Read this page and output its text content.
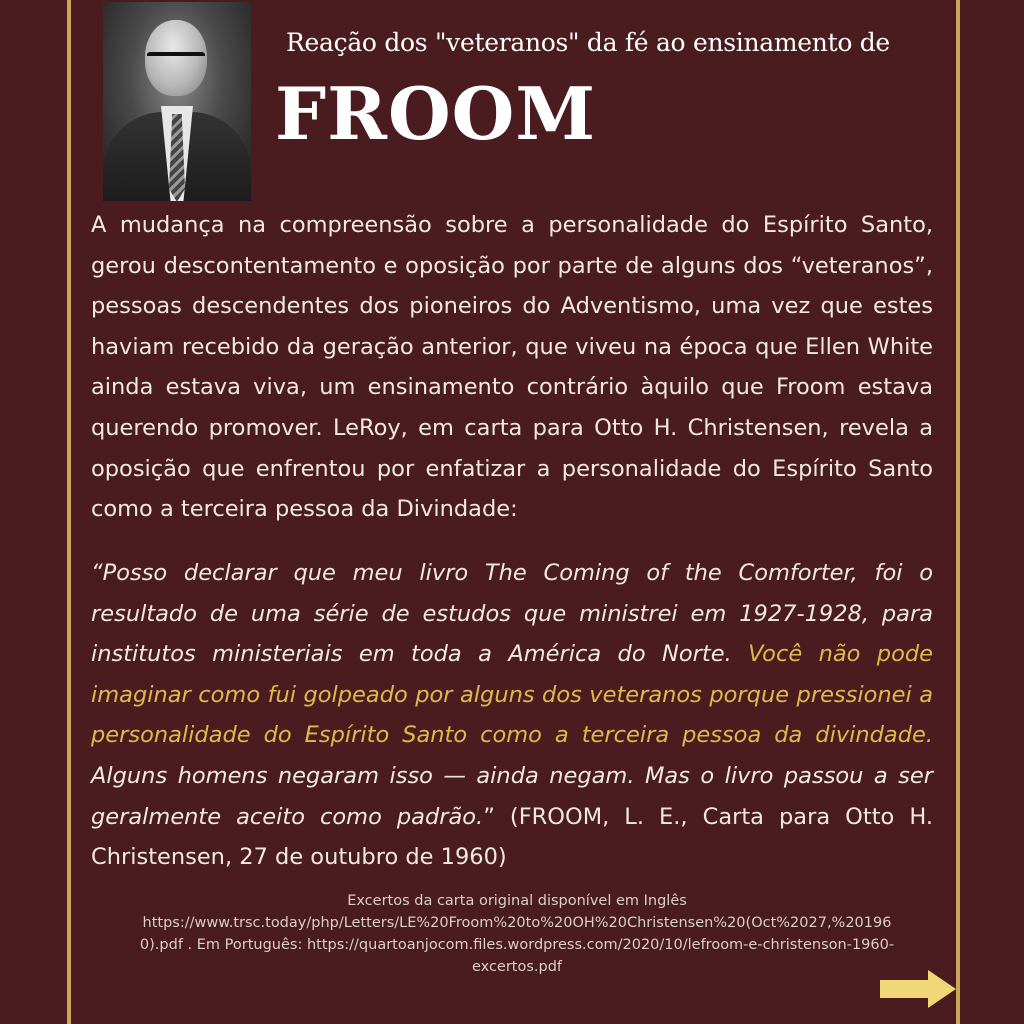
Reação dos "veteranos" da fé ao ensinamento de
FROOM
A mudança na compreensão sobre a personalidade do Espírito Santo, gerou descontentamento e oposição por parte de alguns dos “veteranos”, pessoas descendentes dos pioneiros do Adventismo, uma vez que estes haviam recebido da geração anterior, que viveu na época que Ellen White ainda estava viva, um ensinamento contrário àquilo que Froom estava querendo promover. LeRoy, em carta para Otto H. Christensen, revela a oposição que enfrentou por enfatizar a personalidade do Espírito Santo como a terceira pessoa da Divindade:
“Posso declarar que meu livro The Coming of the Comforter, foi o resultado de uma série de estudos que ministrei em 1927-1928, para institutos ministeriais em toda a América do Norte. Você não pode imaginar como fui golpeado por alguns dos veteranos porque pressionei a personalidade do Espírito Santo como a terceira pessoa da divindade. Alguns homens negaram isso — ainda negam. Mas o livro passou a ser geralmente aceito como padrão.” (FROOM, L. E., Carta para Otto H. Christensen, 27 de outubro de 1960)
Excertos da carta original disponível em Inglês
https://www.trsc.today/php/Letters/LE%20Froom%20to%20OH%20Christensen%20(Oct%2027,%20196
0).pdf . Em Português: https://quartoanjocom.files.wordpress.com/2020/10/lefroom-e-christenson-1960-
excertos.pdf
